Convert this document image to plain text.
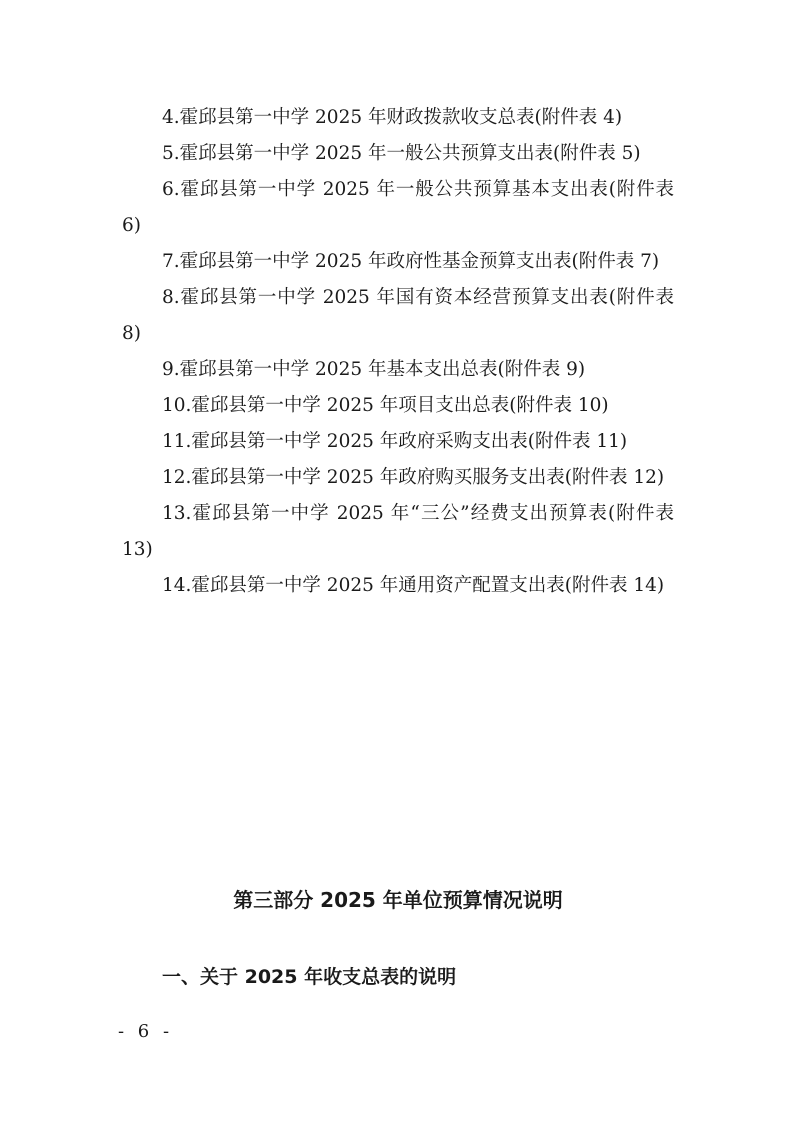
4.霍邱县第一中学 2025 年财政拨款收支总表(附件表 4)

5.霍邱县第一中学 2025 年一般公共预算支出表(附件表 5)

6.霍邱县第一中学 2025 年一般公共预算基本支出表(附件表 6)

7.霍邱县第一中学 2025 年政府性基金预算支出表(附件表 7)

8.霍邱县第一中学 2025 年国有资本经营预算支出表(附件表 8)

9.霍邱县第一中学 2025 年基本支出总表(附件表 9)

10.霍邱县第一中学 2025 年项目支出总表(附件表 10)

11.霍邱县第一中学 2025 年政府采购支出表(附件表 11)

12.霍邱县第一中学 2025 年政府购买服务支出表(附件表 12)

13.霍邱县第一中学 2025 年“三公”经费支出预算表(附件表 13)

14.霍邱县第一中学 2025 年通用资产配置支出表(附件表 14)

第三部分 2025 年单位预算情况说明
一、关于 2025 年收支总表的说明
- 6 -
